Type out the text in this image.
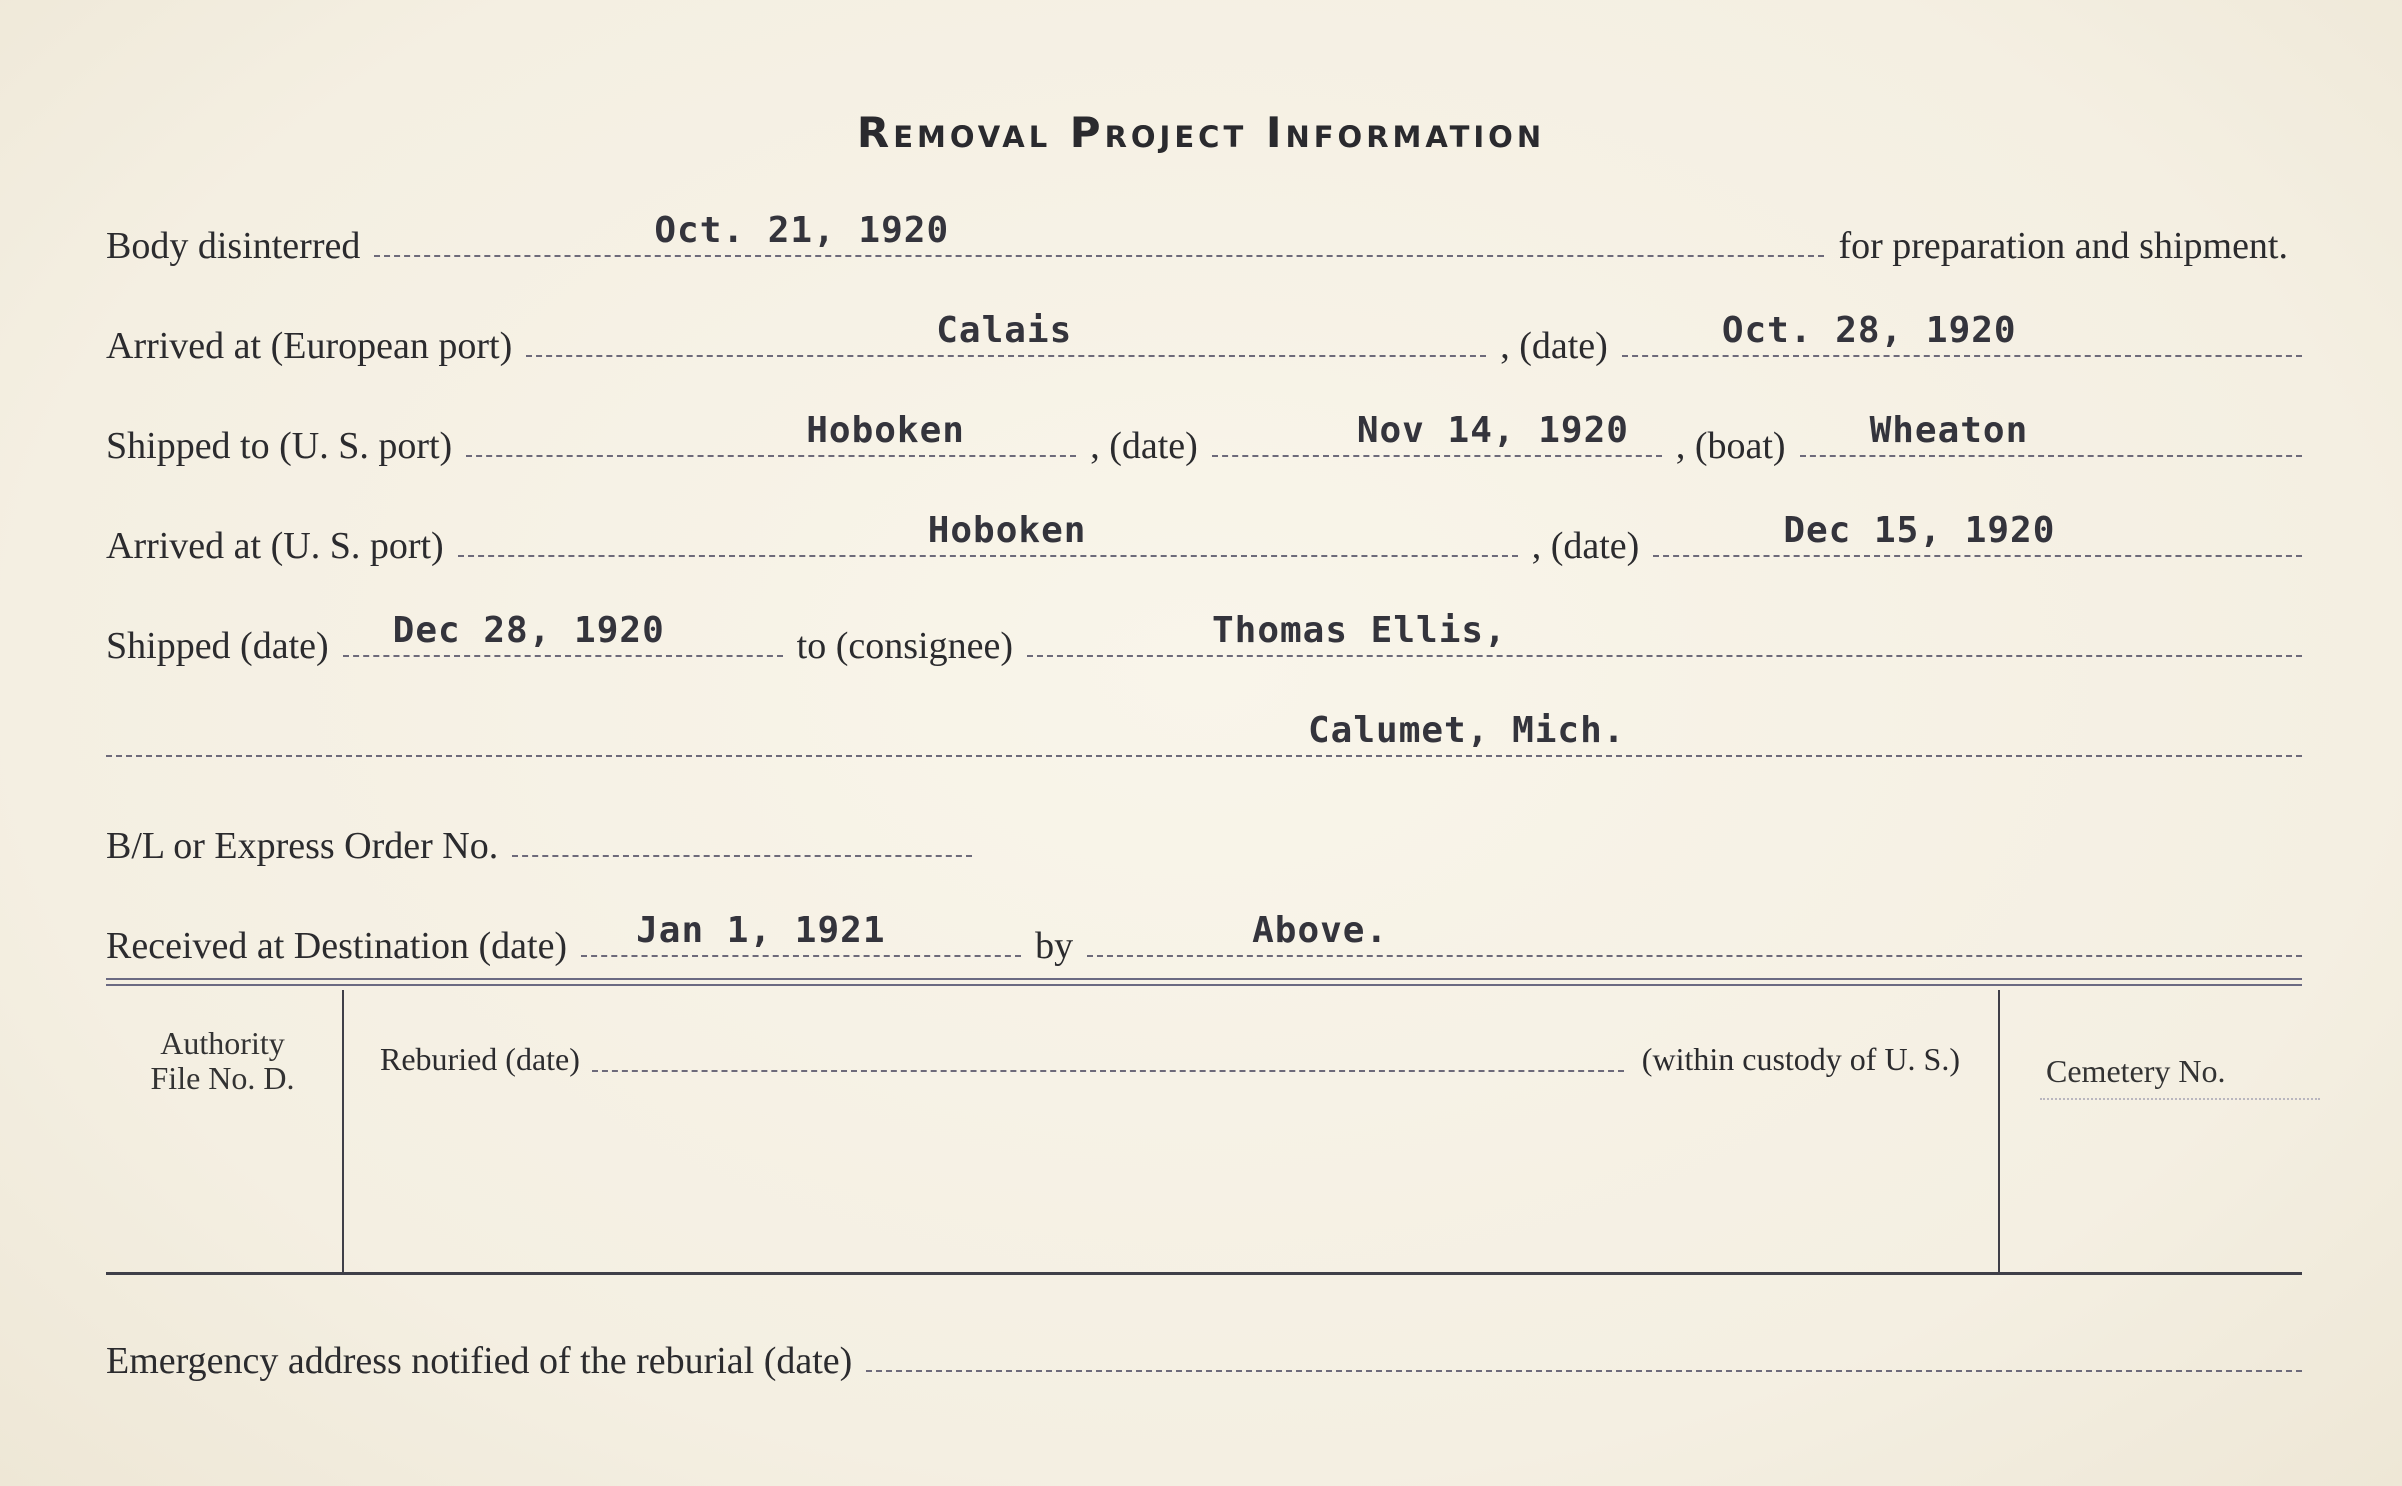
Removal Project Information
Body disinterred	Oct. 21, 1920	for preparation and shipment.
Arrived at (European port)	Calais	, (date)	Oct. 28, 1920
Shipped to (U. S. port)	Hoboken	, (date)	Nov 14, 1920	, (boat)	Wheaton
Arrived at (U. S. port)	Hoboken	, (date)	Dec 15, 1920
Shipped (date)	Dec 28, 1920	to (consignee)	Thomas Ellis,
Calumet, Mich.
B/L or Express Order No.
Received at Destination (date)	Jan 1, 1921	by	Above.
Authority
File No. D.
Reburied (date)	(within custody of U. S.)	Cemetery No.
Emergency address notified of the reburial (date)
